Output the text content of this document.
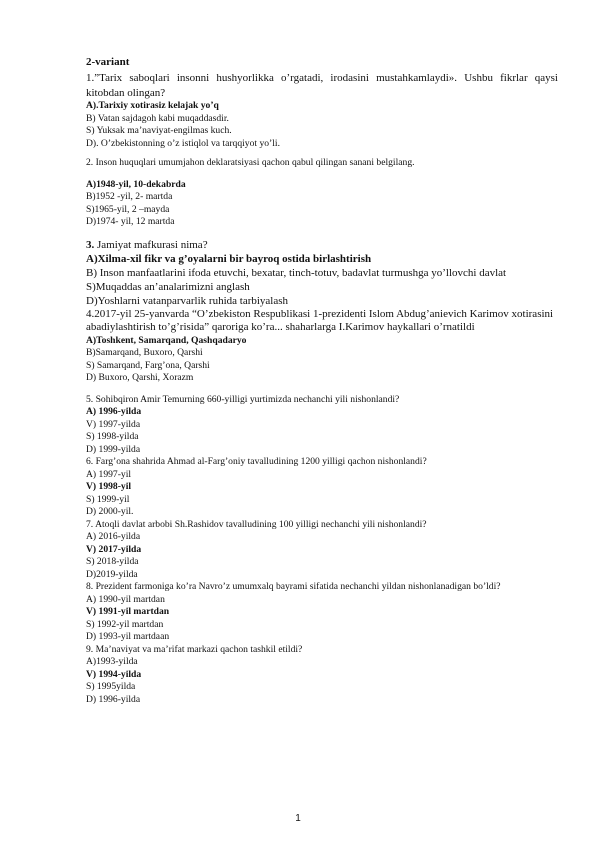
2-variant
1.”Tarix saboqlari insonni hushyorlikka o’rgatadi, irodasini mustahkamlaydi». Ushbu fikrlar qaysi kitobdan olingan?
A).Tarixiy xotirasiz kelajak yo’q
B) Vatan sajdagoh kabi muqaddasdir.
S) Yuksak ma’naviyat-engilmas kuch.
D). O’zbekistonning o’z istiqlol va tarqqiyot yo’li.
2. Inson huquqlari umumjahon deklaratsiyasi qachon qabul qilingan sanani belgilang.
A)1948-yil, 10-dekabrda
B)1952 -yil, 2- martda
S)1965-yil, 2 –mayda
D)1974- yil, 12 martda
3. Jamiyat mafkurasi nima?
A)Xilma-xil fikr va g’oyalarni bir bayroq ostida birlashtirish
B) Inson manfaatlarini ifoda etuvchi, bexatar, tinch-totuv, badavlat turmushga yo’llovchi davlat
S)Muqaddas an’analarimizni anglash
D)Yoshlarni vatanparvarlik ruhida tarbiyalash
4.2017-yil 25-yanvarda “O’zbekiston Respublikasi 1-prezidenti Islom Abdug’anievich Karimov xotirasini abadiylashtirish to’g’risida” qaroriga ko’ra... shaharlarga I.Karimov haykallari o’rnatildi
A)Toshkent, Samarqand, Qashqadaryo
B)Samarqand, Buxoro, Qarshi
S) Samarqand, Farg’ona, Qarshi
D) Buxoro, Qarshi, Xorazm
5. Sohibqiron Amir Temurning 660-yilligi yurtimizda nechanchi yili nishonlandi?
A) 1996-yilda
V) 1997-yilda
S) 1998-yilda
D) 1999-yilda
6. Farg’ona shahrida Ahmad al-Farg’oniy tavalludining 1200 yilligi qachon nishonlandi?
A) 1997-yil
V) 1998-yil
S) 1999-yil
D) 2000-yil.
7. Atoqli davlat arbobi Sh.Rashidov tavalludining 100 yilligi nechanchi yili nishonlandi?
A) 2016-yilda
V) 2017-yilda
S) 2018-yilda
D)2019-yilda
8. Prezident farmoniga ko’ra Navro’z umumxalq bayrami sifatida nechanchi yildan nishonlanadigan bo’ldi?
A) 1990-yil martdan
V) 1991-yil martdan
S) 1992-yil martdan
D) 1993-yil martdaan
9. Ma’naviyat va ma’rifat markazi qachon tashkil etildi?
A)1993-yilda
V) 1994-yilda
S) 1995yilda
D) 1996-yilda
1
